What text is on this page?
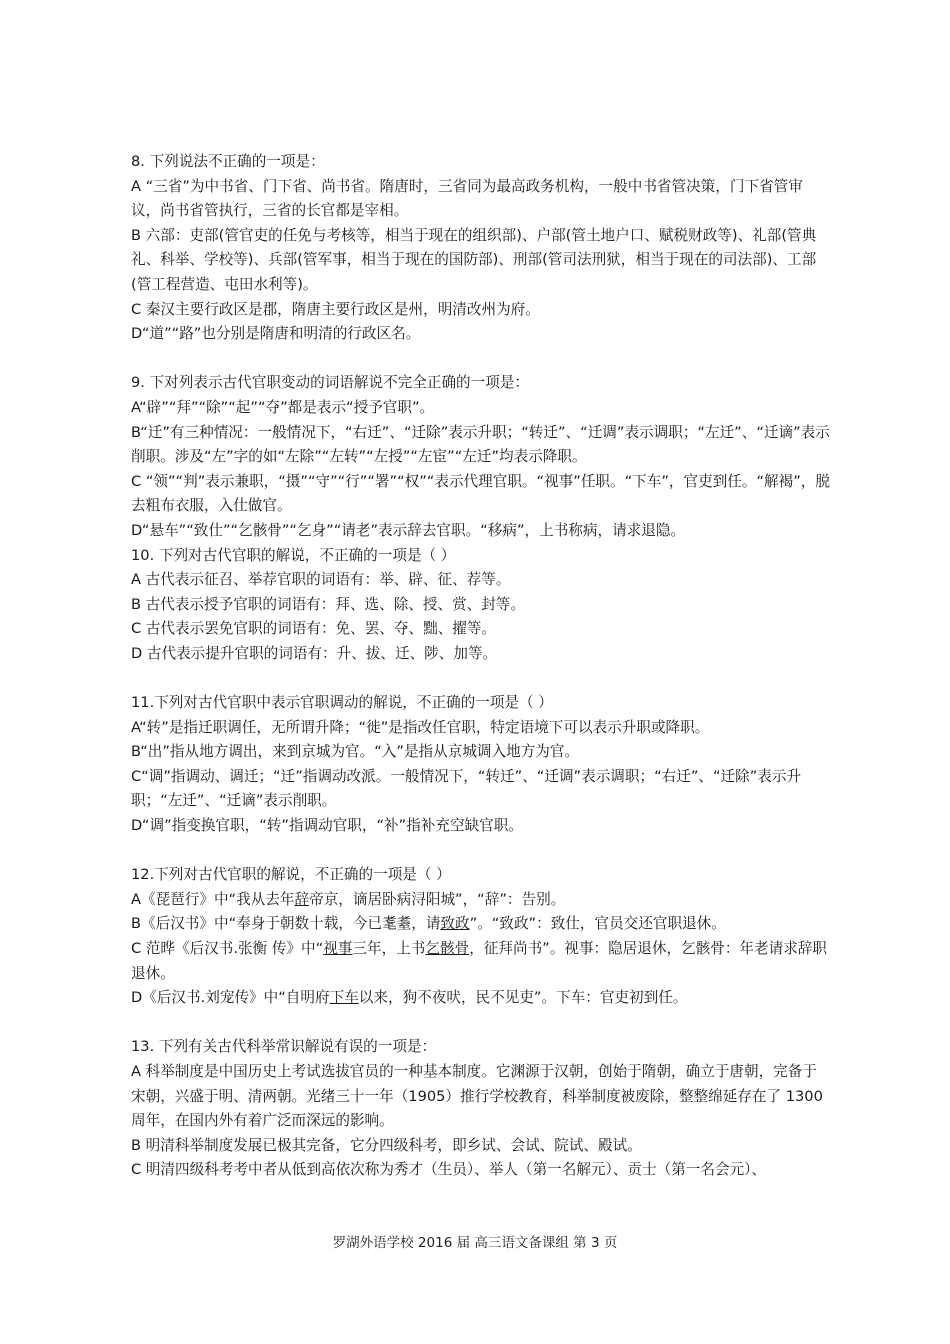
8. 下列说法不正确的一项是：

A “三省”为中书省、门下省、尚书省。隋唐时，三省同为最高政务机构，一般中书省管决策，门下省管审议，尚书省管执行，三省的长官都是宰相。

B 六部：吏部(管官吏的任免与考核等，相当于现在的组织部)、户部(管土地户口、赋税财政等)、礼部(管典礼、科举、学校等)、兵部(管军事，相当于现在的国防部)、刑部(管司法刑狱，相当于现在的司法部)、工部(管工程营造、屯田水利等)。

C 秦汉主要行政区是郡，隋唐主要行政区是州，明清改州为府。

D“道”“路”也分别是隋唐和明清的行政区名。

9. 下对列表示古代官职变动的词语解说不完全正确的一项是：

A“辟”“拜”“除”“起”“夺”都是表示“授予官职”。

B“迁”有三种情况：一般情况下，“右迁”、“迁除”表示升职；“转迁”、“迁调”表示调职；“左迁”、“迁谪”表示削职。涉及“左”字的如“左除”“左转”“左授”“左宦”“左迁”均表示降职。

C “领”“判”表示兼职，“摄”“守”“行”“署”“权”“表示代理官职。“视事”任职。“下车”，官吏到任。“解褐”，脱去粗布衣服，入仕做官。

D“悬车”“致仕”“乞骸骨”“乞身”“请老”表示辞去官职。“移病”，上书称病，请求退隐。

10. 下列对古代官职的解说，不正确的一项是（ ）

A 古代表示征召、举荐官职的词语有：举、辟、征、荐等。

B 古代表示授予官职的词语有：拜、选、除、授、赏、封等。

C 古代表示罢免官职的词语有：免、罢、夺、黜、擢等。

D 古代表示提升官职的词语有：升、拔、迁、陟、加等。

11.下列对古代官职中表示官职调动的解说，不正确的一项是（ ）

A“转”是指迁职调任，无所谓升降；“徙”是指改任官职，特定语境下可以表示升职或降职。

B“出”指从地方调出，来到京城为官。“入”是指从京城调入地方为官。

C“调”指调动、调迁；“迁”指调动改派。一般情况下，“转迁”、“迁调”表示调职；“右迁”、“迁除”表示升职；“左迁”、“迁谪”表示削职。

D“调”指变换官职，“转”指调动官职，“补”指补充空缺官职。

12.下列对古代官职的解说，不正确的一项是（ ）

A《琵琶行》中“我从去年辞帝京，谪居卧病浔阳城”，“辞”：告别。

B《后汉书》中“奉身于朝数十载，今已耄耋，请致政”。“致政”：致仕，官员交还官职退休。

C 范晔《后汉书.张衡 传》中“视事三年，上书乞骸骨，征拜尚书”。视事：隐居退休，乞骸骨：年老请求辞职退休。

D《后汉书.刘宠传》中“自明府下车以来，狗不夜吠，民不见吏”。下车：官吏初到任。

13. 下列有关古代科举常识解说有误的一项是：

A 科举制度是中国历史上考试选拔官员的一种基本制度。它渊源于汉朝，创始于隋朝，确立于唐朝，完备于宋朝，兴盛于明、清两朝。光绪三十一年（1905）推行学校教育，科举制度被废除，整整绵延存在了 1300 周年，在国内外有着广泛而深远的影响。

B 明清科举制度发展已极其完备，它分四级科考，即乡试、会试、院试、殿试。

C 明清四级科考考中者从低到高依次称为秀才（生员）、举人（第一名解元）、贡士（第一名会元）、

罗湖外语学校 2016 届 高三语文备课组 第 3 页
